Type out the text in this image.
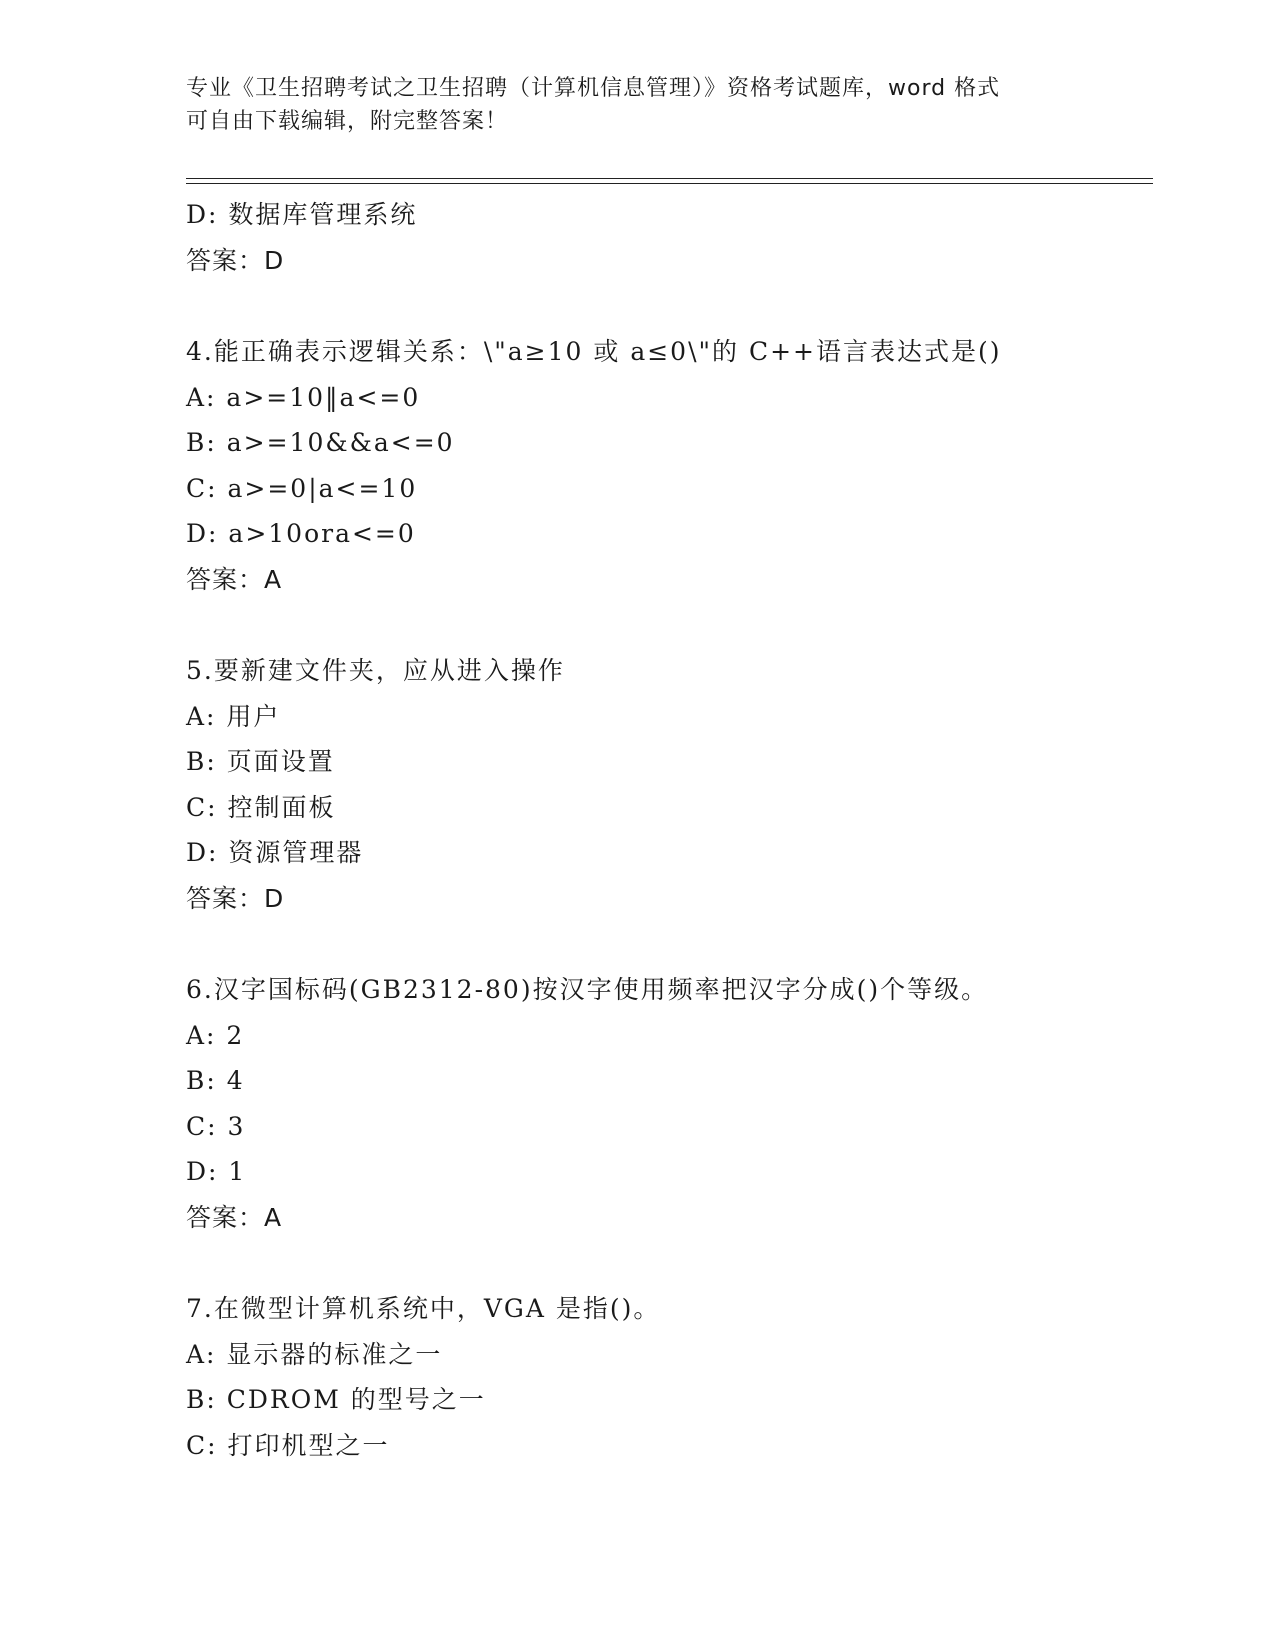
专业《卫生招聘考试之卫生招聘（计算机信息管理）》资格考试题库，word 格式
可自由下载编辑，附完整答案！
D: 数据库管理系统
答案：D
4.能正确表示逻辑关系：\"a≥10 或 a≤0\"的 C++语言表达式是()
A: a>=10‖a<=0
B: a>=10&&a<=0
C: a>=0|a<=10
D: a>10ora<=0
答案：A
5.要新建文件夹，应从进入操作
A: 用户
B: 页面设置
C: 控制面板
D: 资源管理器
答案：D
6.汉字国标码(GB2312-80)按汉字使用频率把汉字分成()个等级。
A: 2
B: 4
C: 3
D: 1
答案：A
7.在微型计算机系统中，VGA 是指()。
A: 显示器的标准之一
B: CDROM 的型号之一
C: 打印机型之一
